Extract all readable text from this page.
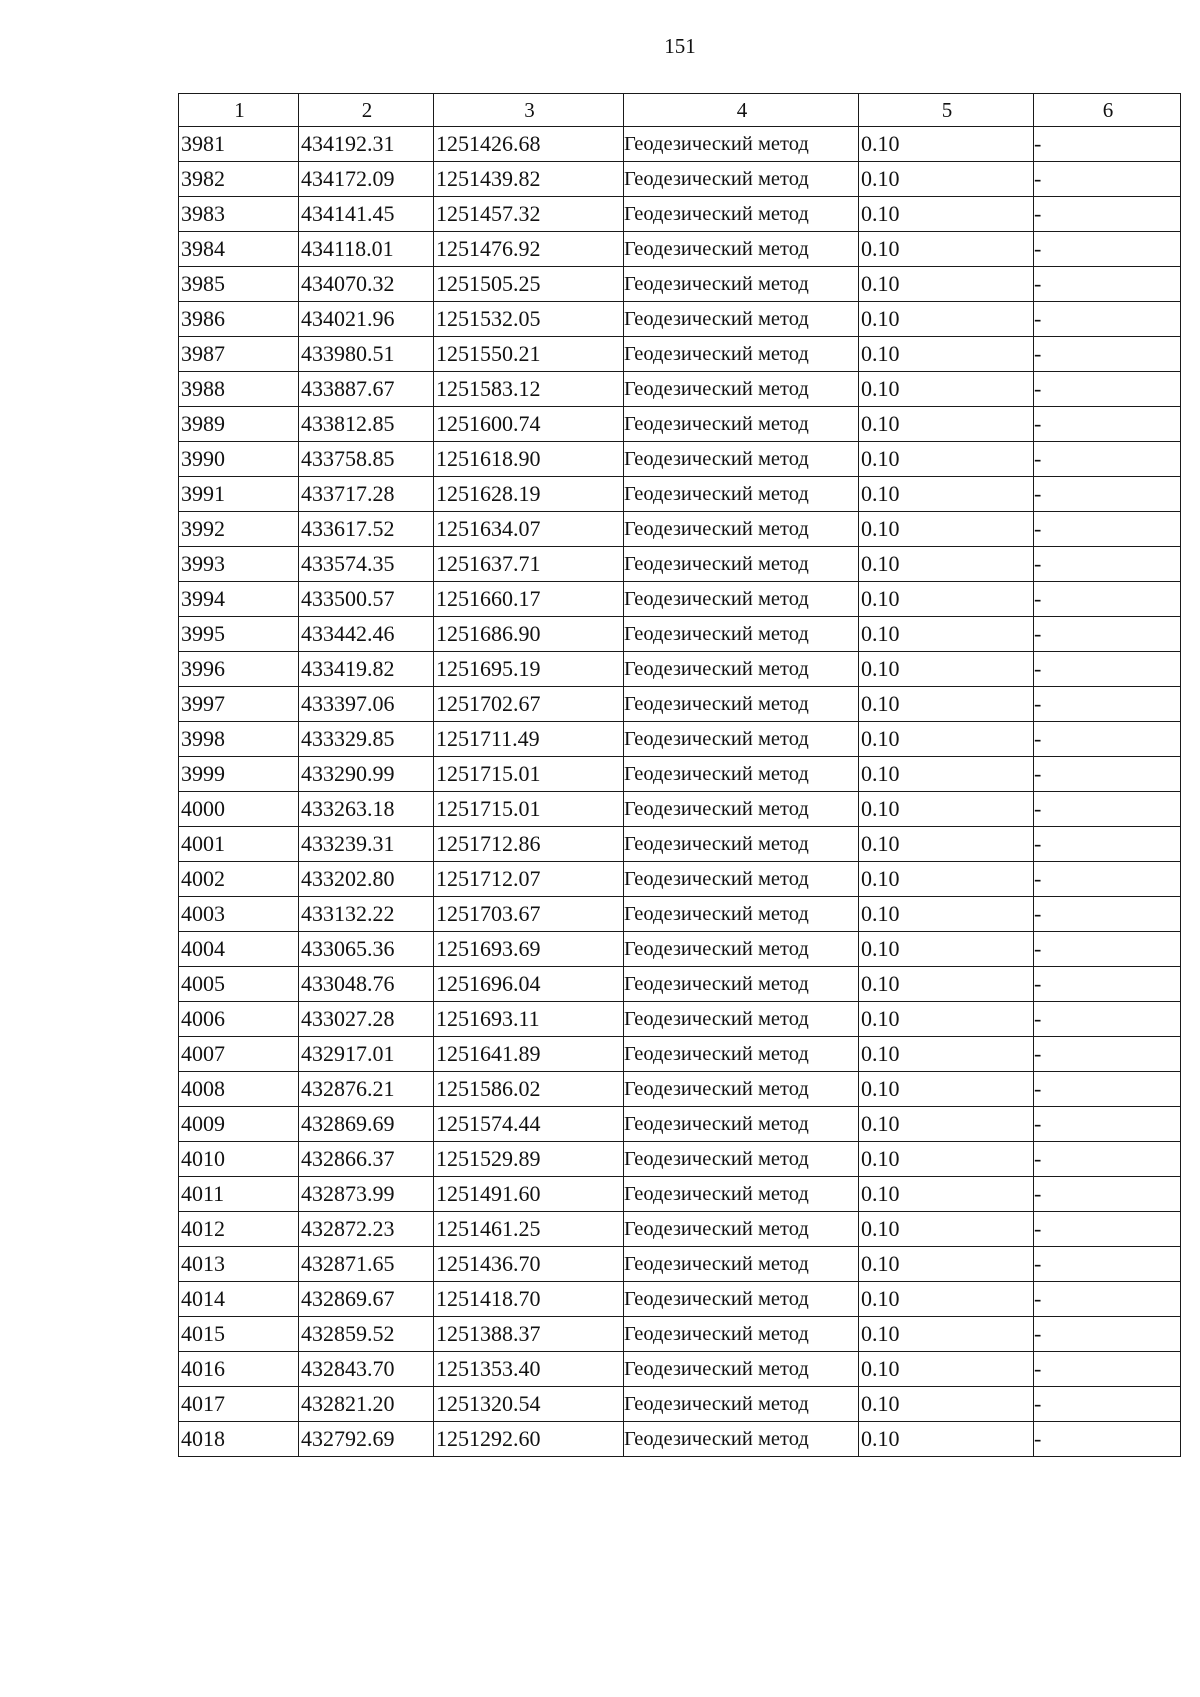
151
1	2	3	4	5	6
3981	434192.31	1251426.68	Геодезический метод	0.10	-
3982	434172.09	1251439.82	Геодезический метод	0.10	-
3983	434141.45	1251457.32	Геодезический метод	0.10	-
3984	434118.01	1251476.92	Геодезический метод	0.10	-
3985	434070.32	1251505.25	Геодезический метод	0.10	-
3986	434021.96	1251532.05	Геодезический метод	0.10	-
3987	433980.51	1251550.21	Геодезический метод	0.10	-
3988	433887.67	1251583.12	Геодезический метод	0.10	-
3989	433812.85	1251600.74	Геодезический метод	0.10	-
3990	433758.85	1251618.90	Геодезический метод	0.10	-
3991	433717.28	1251628.19	Геодезический метод	0.10	-
3992	433617.52	1251634.07	Геодезический метод	0.10	-
3993	433574.35	1251637.71	Геодезический метод	0.10	-
3994	433500.57	1251660.17	Геодезический метод	0.10	-
3995	433442.46	1251686.90	Геодезический метод	0.10	-
3996	433419.82	1251695.19	Геодезический метод	0.10	-
3997	433397.06	1251702.67	Геодезический метод	0.10	-
3998	433329.85	1251711.49	Геодезический метод	0.10	-
3999	433290.99	1251715.01	Геодезический метод	0.10	-
4000	433263.18	1251715.01	Геодезический метод	0.10	-
4001	433239.31	1251712.86	Геодезический метод	0.10	-
4002	433202.80	1251712.07	Геодезический метод	0.10	-
4003	433132.22	1251703.67	Геодезический метод	0.10	-
4004	433065.36	1251693.69	Геодезический метод	0.10	-
4005	433048.76	1251696.04	Геодезический метод	0.10	-
4006	433027.28	1251693.11	Геодезический метод	0.10	-
4007	432917.01	1251641.89	Геодезический метод	0.10	-
4008	432876.21	1251586.02	Геодезический метод	0.10	-
4009	432869.69	1251574.44	Геодезический метод	0.10	-
4010	432866.37	1251529.89	Геодезический метод	0.10	-
4011	432873.99	1251491.60	Геодезический метод	0.10	-
4012	432872.23	1251461.25	Геодезический метод	0.10	-
4013	432871.65	1251436.70	Геодезический метод	0.10	-
4014	432869.67	1251418.70	Геодезический метод	0.10	-
4015	432859.52	1251388.37	Геодезический метод	0.10	-
4016	432843.70	1251353.40	Геодезический метод	0.10	-
4017	432821.20	1251320.54	Геодезический метод	0.10	-
4018	432792.69	1251292.60	Геодезический метод	0.10	-
